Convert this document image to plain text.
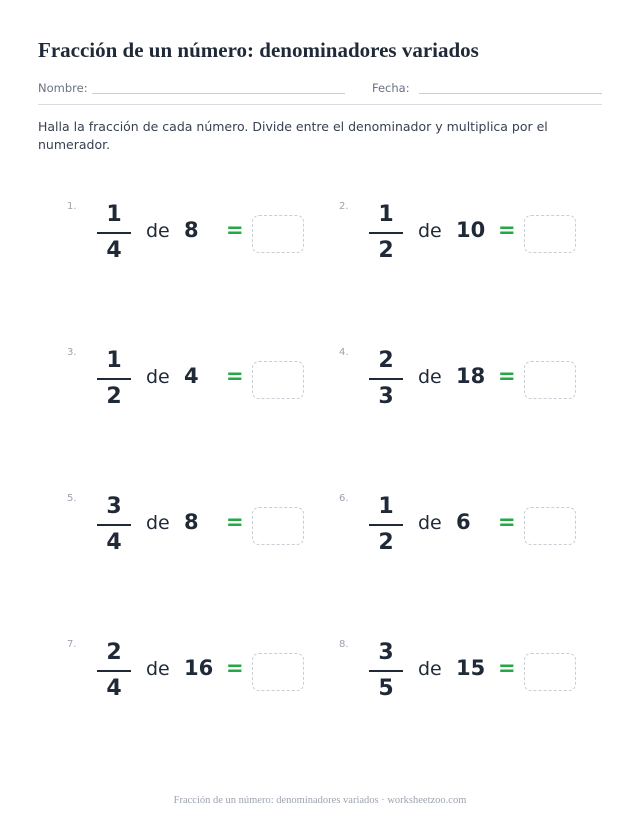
Fracción de un número: denominadores variados
Nombre:	Fecha:
Halla la fracción de cada número. Divide entre el denominador y multiplica por el numerador.
1.	1
4
de 8 =
2.	1
2
de 10 =
3.	1
2
de 4 =
4.	2
3
de 18 =
5.	3
4
de 8 =
6.	1
2
de 6 =
7.	2
4
de 16 =
8.	3
5
de 15 =
Fracción de un número: denominadores variados · worksheetzoo.com
